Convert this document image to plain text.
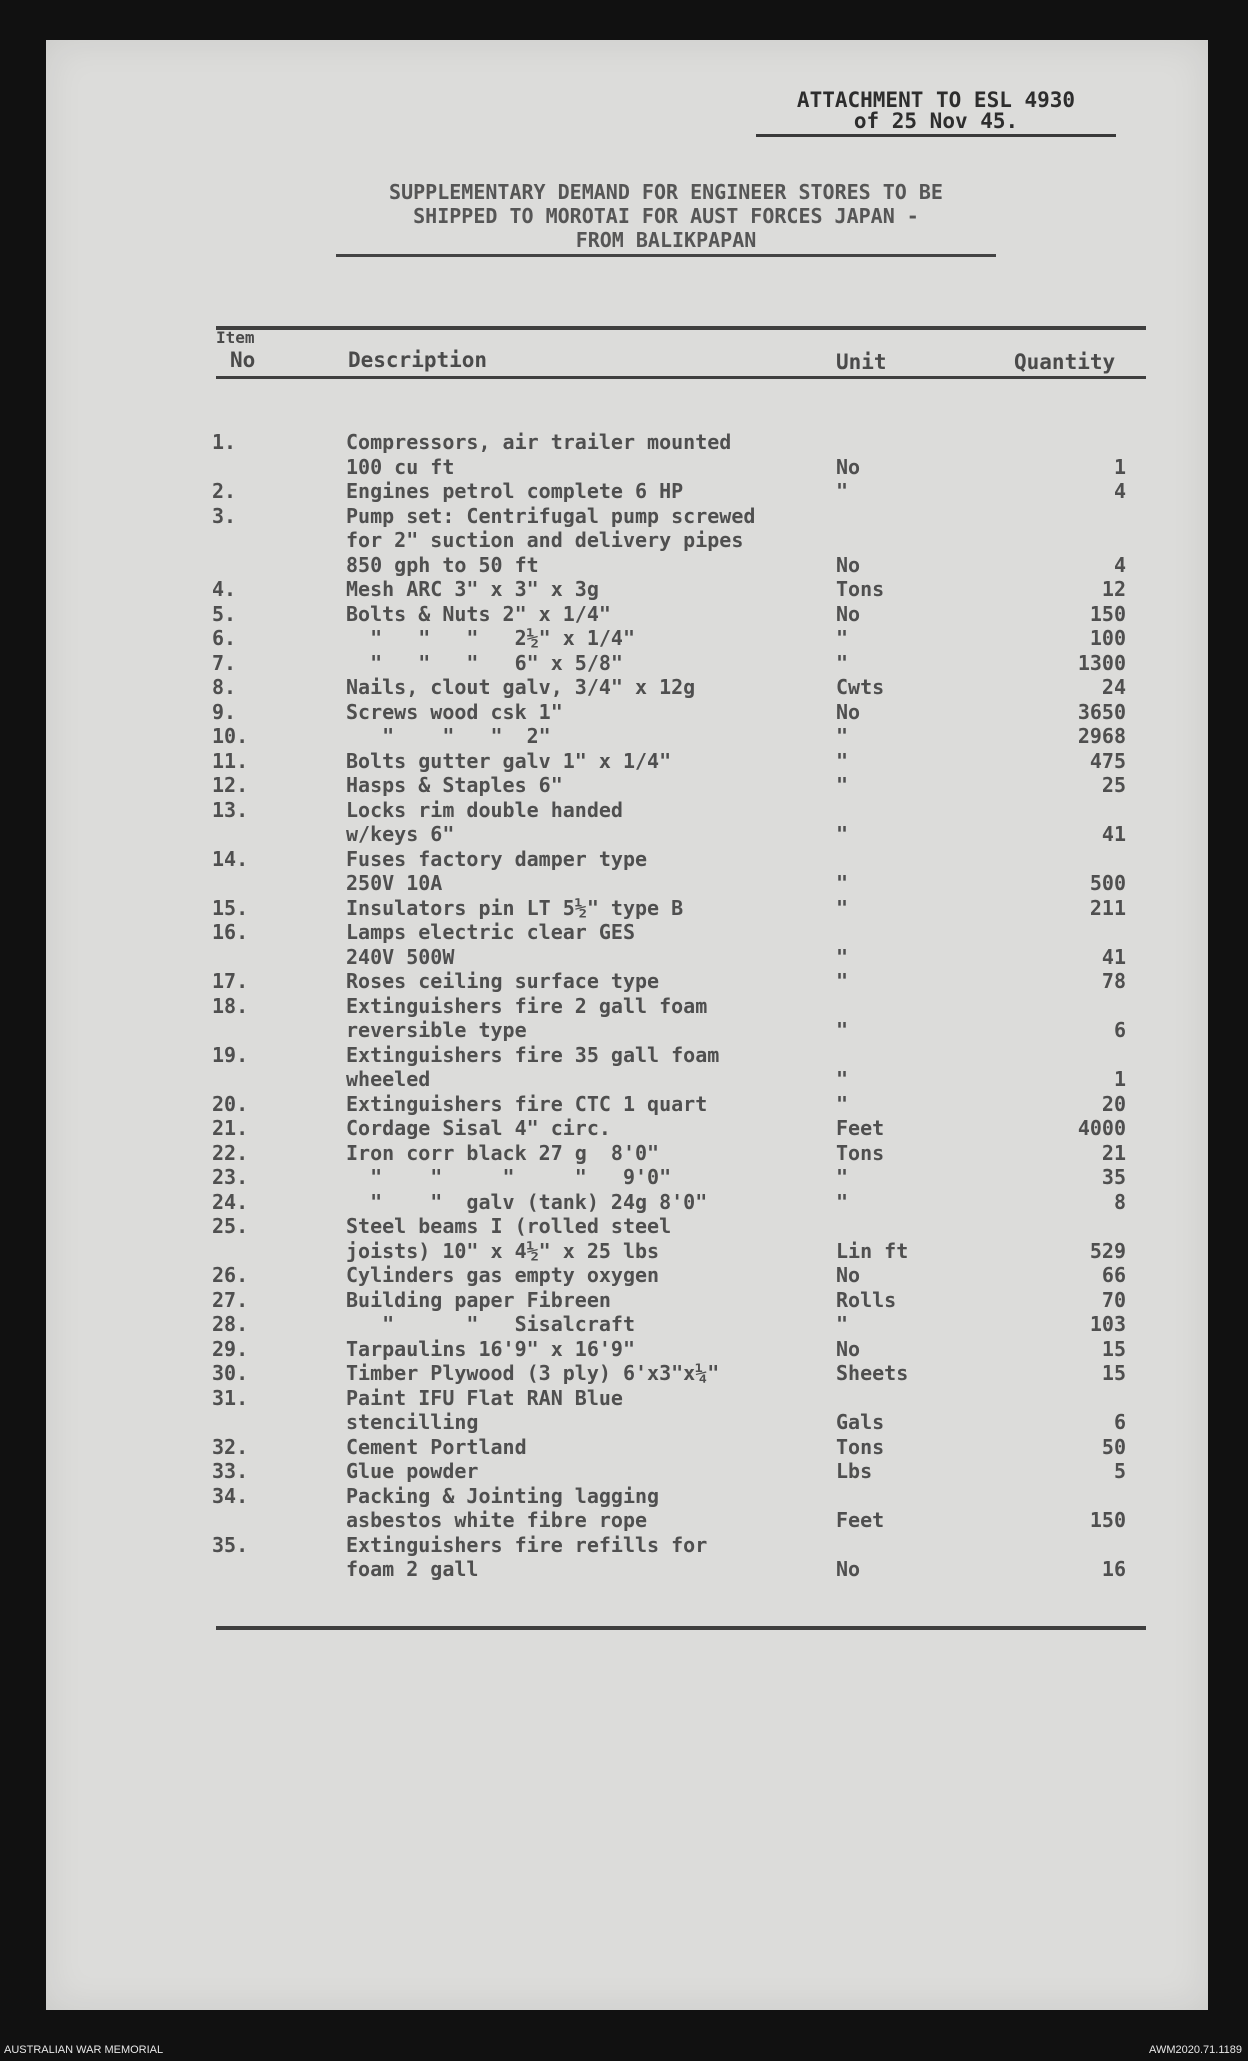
ATTACHMENT TO ESL 4930
of 25 Nov 45.
SUPPLEMENTARY DEMAND FOR ENGINEER STORES TO BE
SHIPPED TO MOROTAI FOR AUST FORCES JAPAN -
FROM BALIKPAPAN
Item
No	Description	Unit	Quantity
1.	Compressors, air trailer mounted
100 cu ft	No	1
2.	Engines petrol complete 6 HP	"	4
3.	Pump set: Centrifugal pump screwed
for 2" suction and delivery pipes
850 gph to 50 ft	No	4
4.	Mesh ARC 3" x 3" x 3g	Tons	12
5.	Bolts & Nuts 2" x 1/4"	No	150
6.	"   "   "   2½" x 1/4"	"	100
7.	"   "   "   6" x 5/8"	"	1300
8.	Nails, clout galv, 3/4" x 12g	Cwts	24
9.	Screws wood csk 1"	No	3650
10.	"    "   "  2"	"	2968
11.	Bolts gutter galv 1" x 1/4"	"	475
12.	Hasps & Staples 6"	"	25
13.	Locks rim double handed
w/keys 6"	"	41
14.	Fuses factory damper type
250V 10A	"	500
15.	Insulators pin LT 5½" type B	"	211
16.	Lamps electric clear GES
240V 500W	"	41
17.	Roses ceiling surface type	"	78
18.	Extinguishers fire 2 gall foam
reversible type	"	6
19.	Extinguishers fire 35 gall foam
wheeled	"	1
20.	Extinguishers fire CTC 1 quart	"	20
21.	Cordage Sisal 4" circ.	Feet	4000
22.	Iron corr black 27 g  8'0"	Tons	21
23.	"    "     "     "   9'0"	"	35
24.	"    "  galv (tank) 24g 8'0"	"	8
25.	Steel beams I (rolled steel
joists) 10" x 4½" x 25 lbs	Lin ft	529
26.	Cylinders gas empty oxygen	No	66
27.	Building paper Fibreen	Rolls	70
28.	"      "   Sisalcraft	"	103
29.	Tarpaulins 16'9" x 16'9"	No	15
30.	Timber Plywood (3 ply) 6'x3"x¼"	Sheets	15
31.	Paint IFU Flat RAN Blue
stencilling	Gals	6
32.	Cement Portland	Tons	50
33.	Glue powder	Lbs	5
34.	Packing & Jointing lagging
asbestos white fibre rope	Feet	150
35.	Extinguishers fire refills for
foam 2 gall	No	16
AUSTRALIAN WAR MEMORIAL	AWM2020.71.1189
